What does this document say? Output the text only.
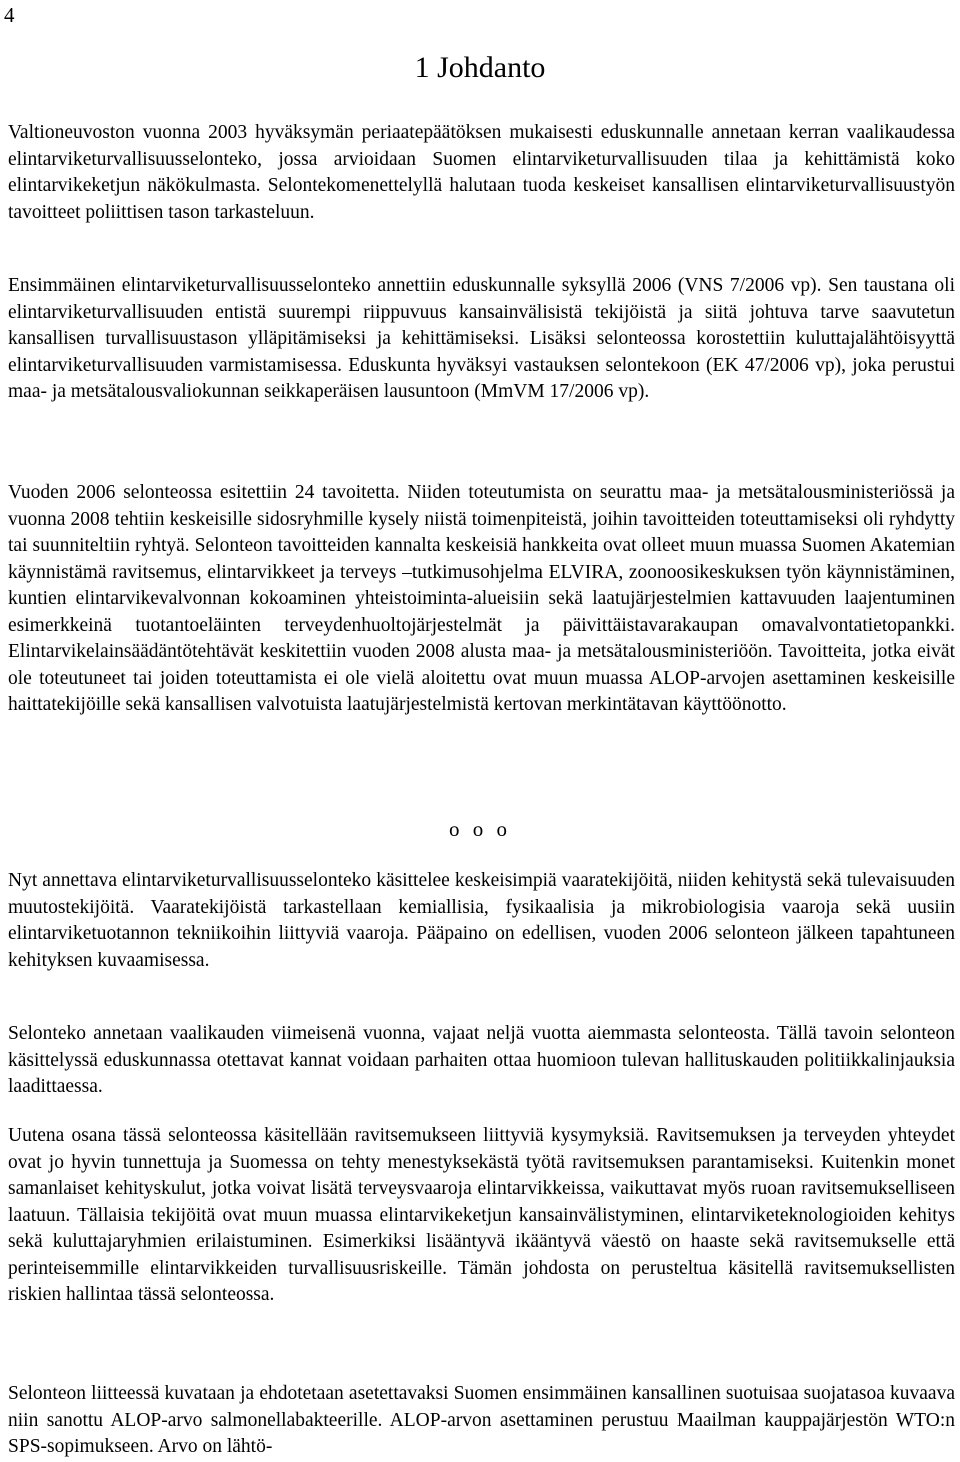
4
1 Johdanto

Valtioneuvoston vuonna 2003 hyväksymän periaatepäätöksen mukaisesti eduskunnalle annetaan kerran vaalikaudessa elintarviketurvallisuusselonteko, jossa arvioidaan Suomen elintarviketurvallisuuden tilaa ja kehittämistä koko elintarvikeketjun näkökulmasta. Selontekomenettelyllä halutaan tuoda keskeiset kansallisen elintarviketurvallisuustyön tavoitteet poliittisen tason tarkasteluun.

Ensimmäinen elintarviketurvallisuusselonteko annettiin eduskunnalle syksyllä 2006 (VNS 7/2006 vp). Sen taustana oli elintarviketurvallisuuden entistä suurempi riippuvuus kansainvälisistä tekijöistä ja siitä johtuva tarve saavutetun kansallisen turvallisuustason ylläpitämiseksi ja kehittämiseksi. Lisäksi selonteossa korostettiin kuluttajalähtöisyyttä elintarviketurvallisuuden varmistamisessa. Eduskunta hyväksyi vastauksen selontekoon (EK 47/2006 vp), joka perustui maa- ja metsätalousvaliokunnan seikkaperäisen lausuntoon (MmVM 17/2006 vp).

Vuoden 2006 selonteossa esitettiin 24 tavoitetta. Niiden toteutumista on seurattu maa- ja metsätalousministeriössä ja vuonna 2008 tehtiin keskeisille sidosryhmille kysely niistä toimenpiteistä, joihin tavoitteiden toteuttamiseksi oli ryhdytty tai suunniteltiin ryhtyä. Selonteon tavoitteiden kannalta keskeisiä hankkeita ovat olleet muun muassa Suomen Akatemian käynnistämä ravitsemus, elintarvikkeet ja terveys –tutkimusohjelma ELVIRA, zoonoosikeskuksen työn käynnistäminen, kuntien elintarvikevalvonnan kokoaminen yhteistoiminta-alueisiin sekä laatujärjestelmien kattavuuden laajentuminen esimerkkeinä tuotantoeläinten terveydenhuoltojärjestelmät ja päivittäistavarakaupan omavalvontatietopankki. Elintarvikelainsäädäntötehtävät keskitettiin vuoden 2008 alusta maa- ja metsätalousministeriöön. Tavoitteita, jotka eivät ole toteutuneet tai joiden toteuttamista ei ole vielä aloitettu ovat muun muassa ALOP-arvojen asettaminen keskeisille haittatekijöille sekä kansallisen valvotuista laatujärjestelmistä kertovan merkintätavan käyttöönotto.

o o o

Nyt annettava elintarviketurvallisuusselonteko käsittelee keskeisimpiä vaaratekijöitä, niiden kehitystä sekä tulevaisuuden muutostekijöitä. Vaaratekijöistä tarkastellaan kemiallisia, fysikaalisia ja mikrobiologisia vaaroja sekä uusiin elintarviketuotannon tekniikoihin liittyviä vaaroja. Pääpaino on edellisen, vuoden 2006 selonteon jälkeen tapahtuneen kehityksen kuvaamisessa.

Selonteko annetaan vaalikauden viimeisenä vuonna, vajaat neljä vuotta aiemmasta selonteosta. Tällä tavoin selonteon käsittelyssä eduskunnassa otettavat kannat voidaan parhaiten ottaa huomioon tulevan hallituskauden politiikkalinjauksia laadittaessa.

Uutena osana tässä selonteossa käsitellään ravitsemukseen liittyviä kysymyksiä. Ravitsemuksen ja terveyden yhteydet ovat jo hyvin tunnettuja ja Suomessa on tehty menestyksekästä työtä ravitsemuksen parantamiseksi. Kuitenkin monet samanlaiset kehityskulut, jotka voivat lisätä terveysvaaroja elintarvikkeissa, vaikuttavat myös ruoan ravitsemukselliseen laatuun. Tällaisia tekijöitä ovat muun muassa elintarvikeketjun kansainvälistyminen, elintarviketeknologioiden kehitys sekä kuluttajaryhmien erilaistuminen. Esimerkiksi lisääntyvä ikääntyvä väestö on haaste sekä ravitsemukselle että perinteisemmille elintarvikkeiden turvallisuusriskeille. Tämän johdosta on perusteltua käsitellä ravitsemuksellisten riskien hallintaa tässä selonteossa.

Selonteon liitteessä kuvataan ja ehdotetaan asetettavaksi Suomen ensimmäinen kansallinen suotuisaa suojatasoa kuvaava niin sanottu ALOP-arvo salmonellabakteerille. ALOP-arvon asettaminen perustuu Maailman kauppajärjestön WTO:n SPS-sopimukseen. Arvo on lähtö-
